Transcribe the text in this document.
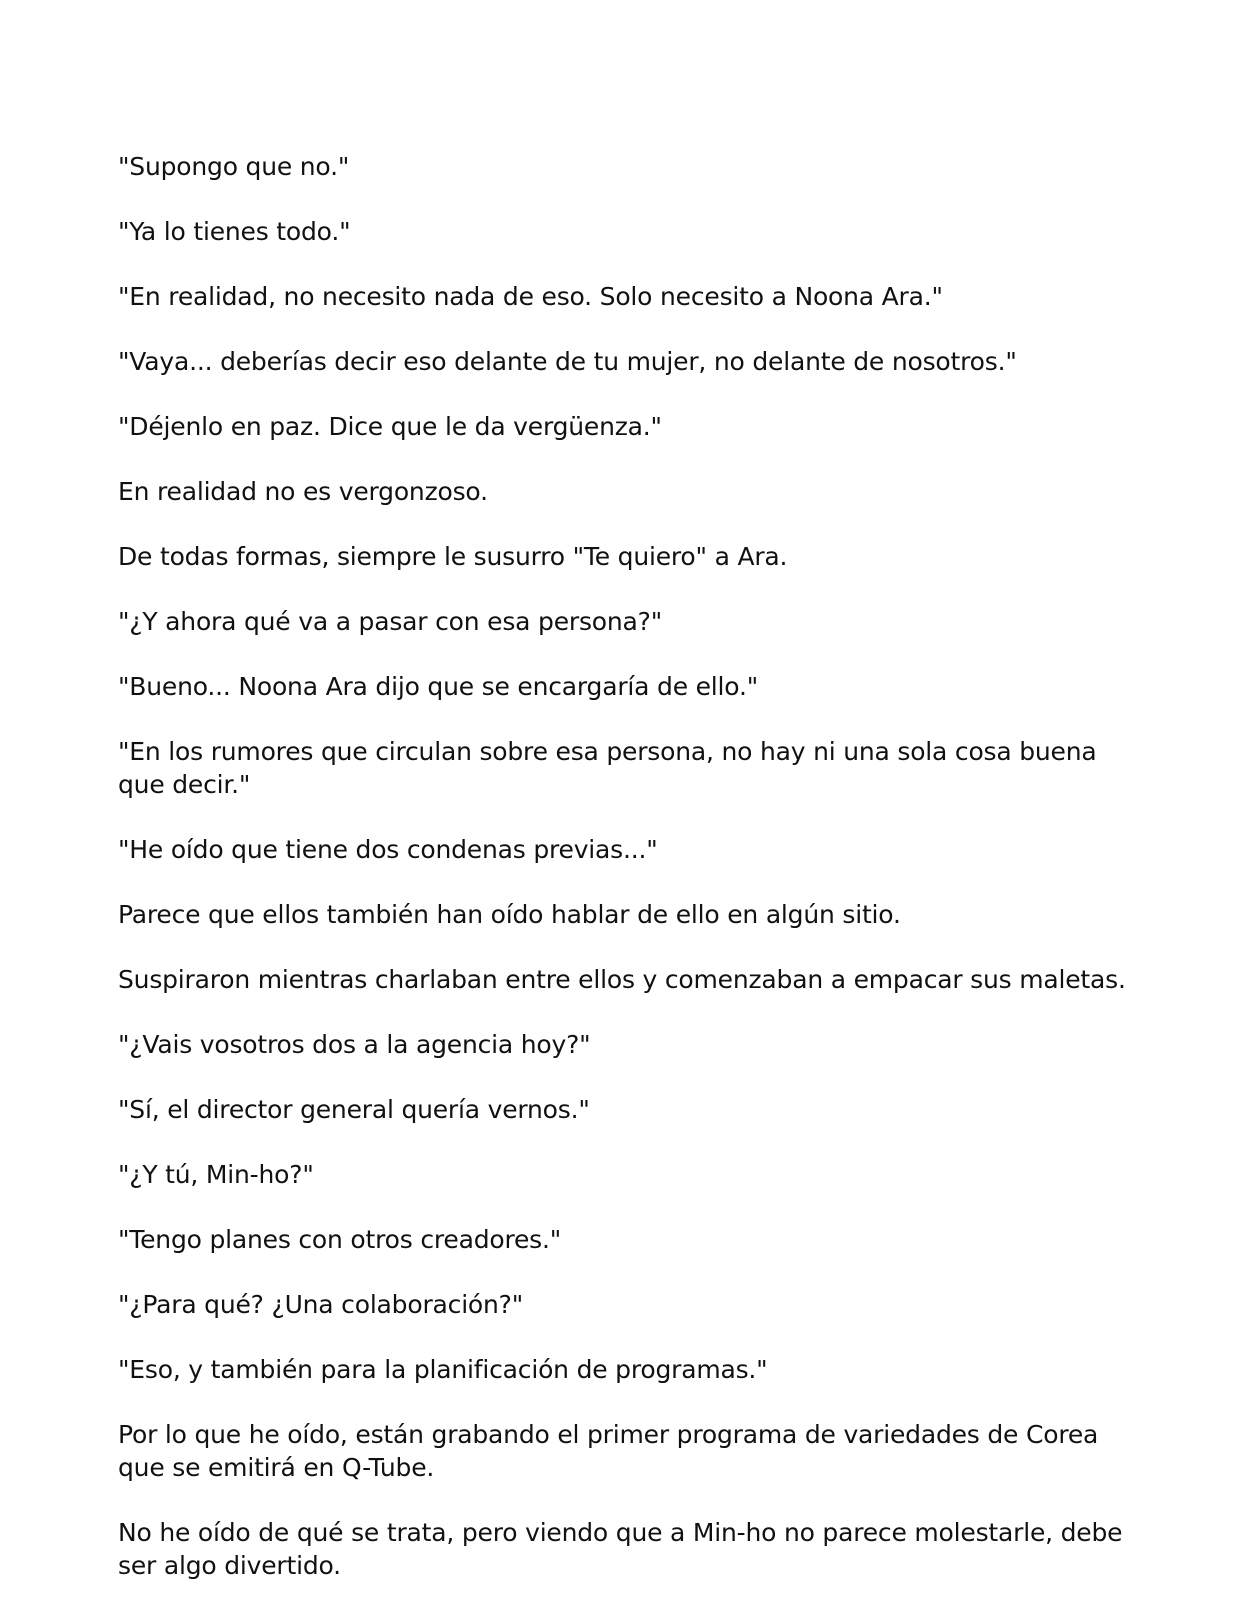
"Supongo que no."

"Ya lo tienes todo."

"En realidad, no necesito nada de eso. Solo necesito a Noona Ara."

"Vaya... deberías decir eso delante de tu mujer, no delante de nosotros."

"Déjenlo en paz. Dice que le da vergüenza."

En realidad no es vergonzoso.

De todas formas, siempre le susurro "Te quiero" a Ara.

"¿Y ahora qué va a pasar con esa persona?"

"Bueno... Noona Ara dijo que se encargaría de ello."

"En los rumores que circulan sobre esa persona, no hay ni una sola cosa buena que decir."

"He oído que tiene dos condenas previas..."

Parece que ellos también han oído hablar de ello en algún sitio.

Suspiraron mientras charlaban entre ellos y comenzaban a empacar sus maletas.

"¿Vais vosotros dos a la agencia hoy?"

"Sí, el director general quería vernos."

"¿Y tú, Min-ho?"

"Tengo planes con otros creadores."

"¿Para qué? ¿Una colaboración?"

"Eso, y también para la planificación de programas."

Por lo que he oído, están grabando el primer programa de variedades de Corea que se emitirá en Q-Tube.

No he oído de qué se trata, pero viendo que a Min-ho no parece molestarle, debe ser algo divertido.
